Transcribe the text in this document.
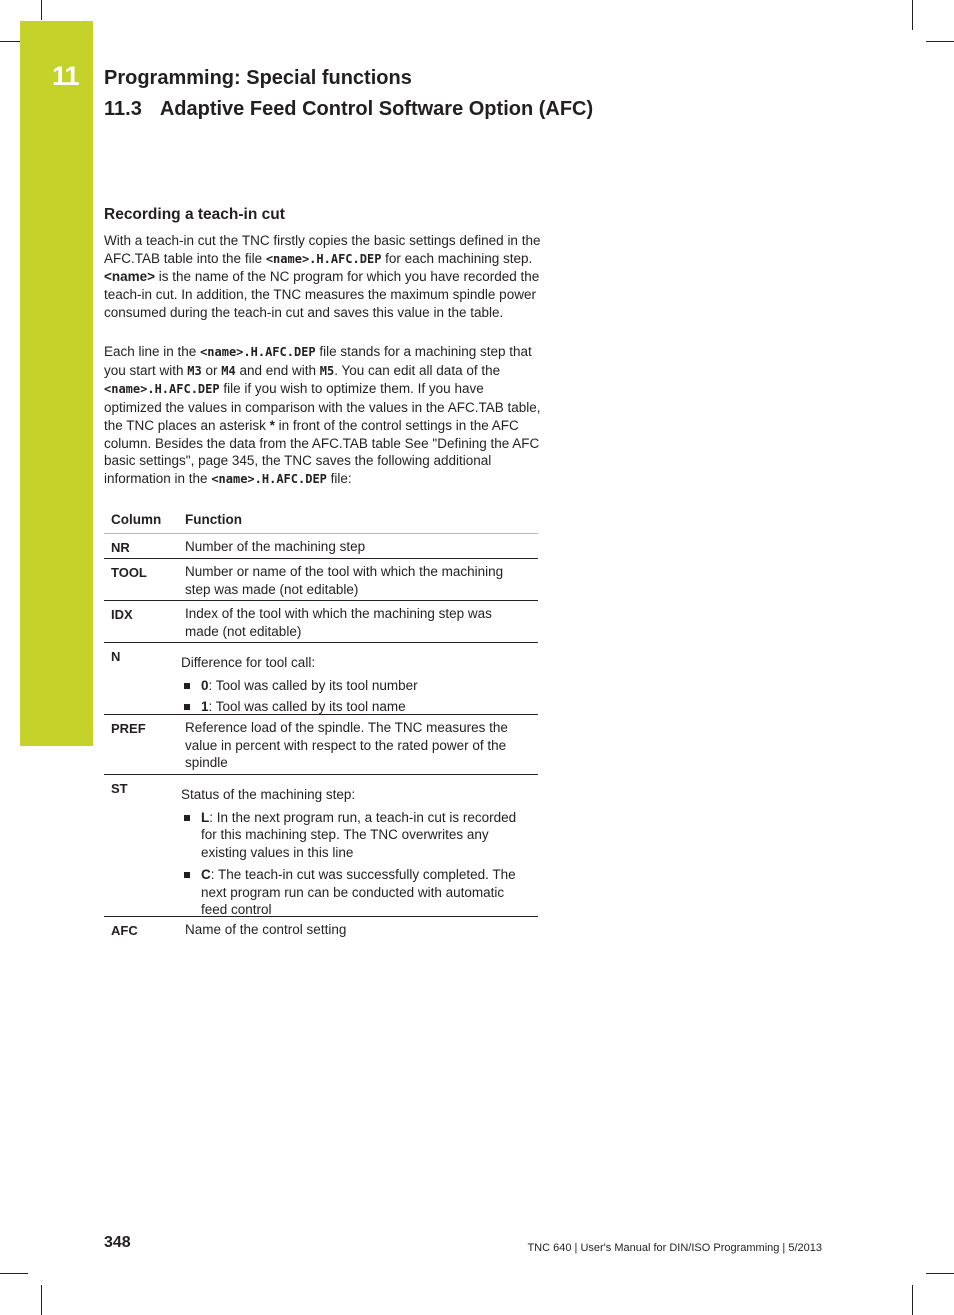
11 Programming: Special functions
11.3 Adaptive Feed Control Software Option (AFC)
Recording a teach-in cut

With a teach-in cut the TNC firstly copies the basic settings defined in the AFC.TAB table into the file <name>.H.AFC.DEP for each machining step. <name> is the name of the NC program for which you have recorded the teach-in cut. In addition, the TNC measures the maximum spindle power consumed during the teach-in cut and saves this value in the table.

Each line in the <name>.H.AFC.DEP file stands for a machining step that you start with M3 or M4 and end with M5. You can edit all data of the <name>.H.AFC.DEP file if you wish to optimize them. If you have optimized the values in comparison with the values in the AFC.TAB table, the TNC places an asterisk * in front of the control settings in the AFC column. Besides the data from the AFC.TAB table See "Defining the AFC basic settings", page 345, the TNC saves the following additional information in the <name>.H.AFC.DEP file:

Column Function
NR	Number of the machining step
TOOL	Number or name of the tool with which the machining step was made (not editable)
IDX	Index of the tool with which the machining step was made (not editable)
N	Difference for tool call:
0: Tool was called by its tool number
1: Tool was called by its tool name
PREF	Reference load of the spindle. The TNC measures the value in percent with respect to the rated power of the spindle
ST	Status of the machining step:
L: In the next program run, a teach-in cut is recorded for this machining step. The TNC overwrites any existing values in this line
C: The teach-in cut was successfully completed. The next program run can be conducted with automatic feed control
AFC	Name of the control setting
348	TNC 640 | User's Manual for DIN/ISO Programming | 5/2013
